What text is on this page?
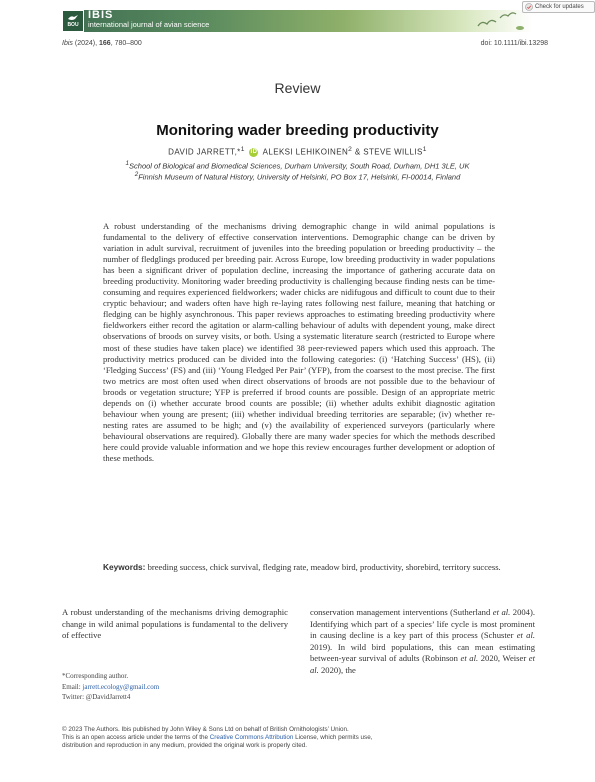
BOU
IBIS
international journal of avian science
Check for updates
Ibis (2024), 166, 780–800	doi: 10.1111/ibi.13298
Review
Monitoring wader breeding productivity
DAVID JARRETT,*$^1$ iD ALEKSI LEHIKOINEN$^2$ & STEVE WILLIS$^1$
$^1$School of Biological and Biomedical Sciences, Durham University, South Road, Durham, DH1 3LE, UK
$^2$Finnish Museum of Natural History, University of Helsinki, PO Box 17, Helsinki, FI-00014, Finland

A robust understanding of the mechanisms driving demographic change in wild animal populations is fundamental to the delivery of effective conservation interventions. Demographic change can be driven by variation in adult survival, recruitment of juveniles into the breeding population or breeding productivity – the number of fledglings produced per breeding pair. Across Europe, low breeding productivity in wader populations has been a significant driver of population decline, increasing the importance of gathering accurate data on breeding productivity. Monitoring wader breeding productivity is challenging because finding nests can be time-consuming and requires experienced fieldworkers; wader chicks are nidifugous and difficult to count due to their cryptic behaviour; and waders often have high re-laying rates following nest failure, meaning that hatching or fledging can be highly asynchronous. This paper reviews approaches to estimating breeding productivity where fieldworkers either record the agitation or alarm-calling behaviour of adults with dependent young, make direct observations of broods on survey visits, or both. Using a systematic literature search (restricted to Europe where most of these studies have taken place) we identified 38 peer-reviewed papers which used this approach. The productivity metrics produced can be divided into the following categories: (i) ‘Hatching Success’ (HS), (ii) ‘Fledging Success’ (FS) and (iii) ‘Young Fledged Per Pair’ (YFP), from the coarsest to the most precise. The first two metrics are most often used when direct observations of broods are not possible due to the behaviour of broods or vegetation structure; YFP is preferred if brood counts are possible. Design of an appropriate metric depends on (i) whether accurate brood counts are possible; (ii) whether adults exhibit diagnostic agitation behaviour when young are present; (iii) whether individual breeding territories are separable; (iv) whether re-nesting rates are assumed to be high; and (v) the availability of experienced surveyors (particularly where behavioural observations are required). Globally there are many wader species for which the methods described here could provide valuable information and we hope this review encourages further development or adoption of these methods.

Keywords: breeding success, chick survival, fledging rate, meadow bird, productivity, shorebird, territory success.

A robust understanding of the mechanisms driving demographic change in wild animal populations is fundamental to the delivery of effective

conservation management interventions (Sutherland et al. 2004). Identifying which part of a species’ life cycle is most prominent in causing decline is a key part of this process (Schuster et al. 2019). In wild bird populations, this can mean estimating between-year survival of adults (Robinson et al. 2020, Weiser et al. 2020), the

*Corresponding author.
Email: jarrett.ecology@gmail.com
Twitter: @DavidJarrett4
© 2023 The Authors. Ibis published by John Wiley & Sons Ltd on behalf of British Ornithologists’ Union.
This is an open access article under the terms of the Creative Commons Attribution License, which permits use,
distribution and reproduction in any medium, provided the original work is properly cited.
